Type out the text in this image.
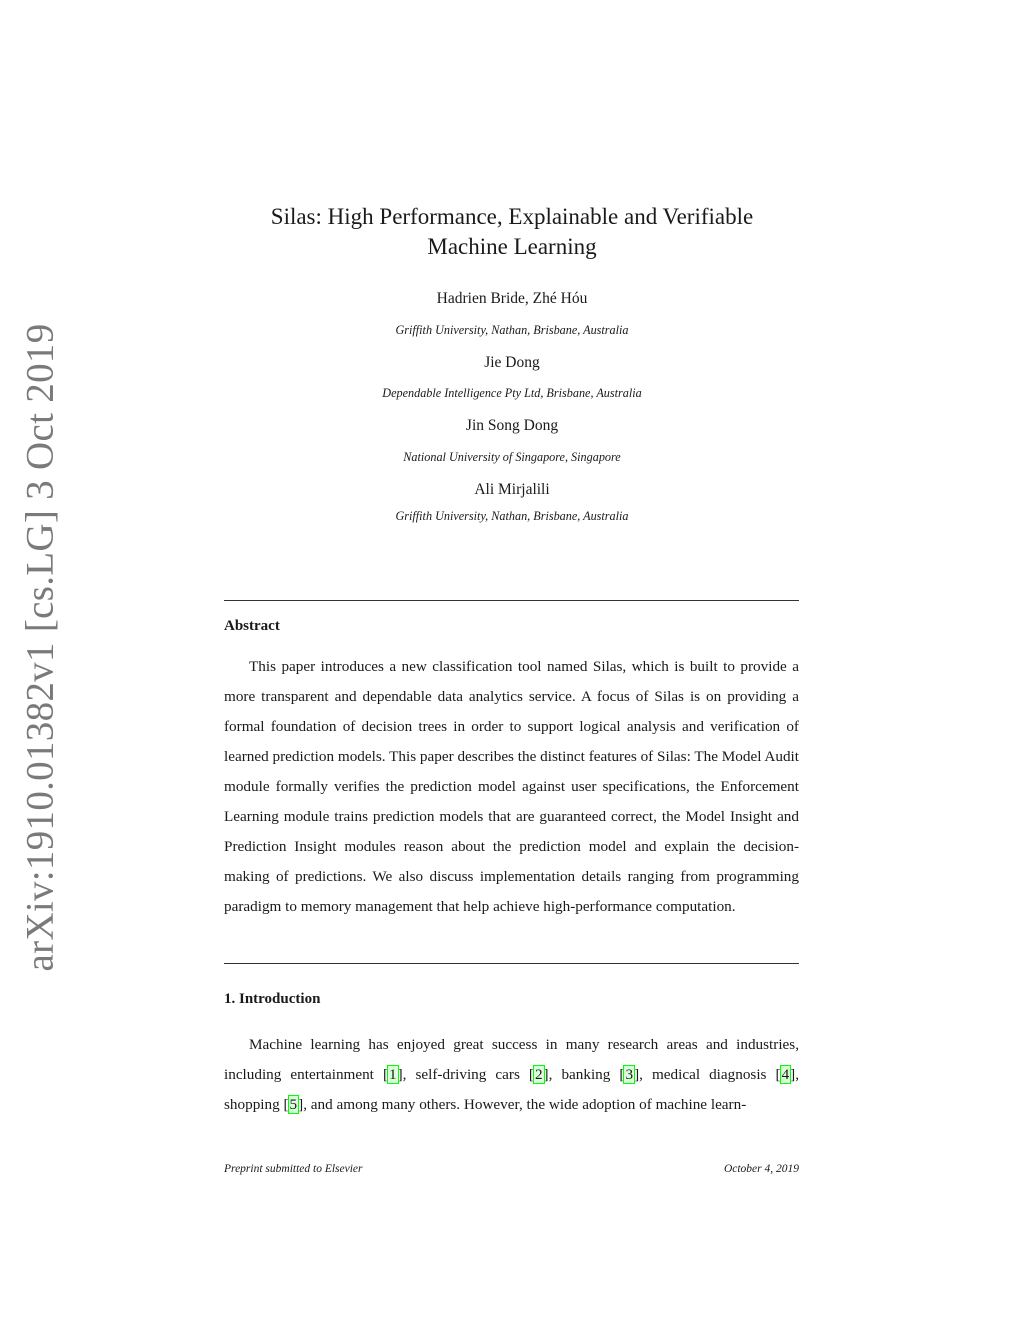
arXiv:1910.01382v1 [cs.LG] 3 Oct 2019
Silas: High Performance, Explainable and Verifiable
Machine Learning
Hadrien Bride, Zhé Hóu
Griffith University, Nathan, Brisbane, Australia
Jie Dong
Dependable Intelligence Pty Ltd, Brisbane, Australia
Jin Song Dong
National University of Singapore, Singapore
Ali Mirjalili
Griffith University, Nathan, Brisbane, Australia
Abstract

This paper introduces a new classification tool named Silas, which is built to provide a more transparent and dependable data analytics service. A focus of Silas is on providing a formal foundation of decision trees in order to support logical analysis and verification of learned prediction models. This paper describes the distinct features of Silas: The Model Audit module formally verifies the prediction model against user specifications, the Enforcement Learning module trains prediction models that are guaranteed correct, the Model Insight and Prediction Insight modules reason about the prediction model and explain the decision-making of predictions. We also discuss implementation details ranging from programming paradigm to memory management that help achieve high-performance computation.

1. Introduction

Machine learning has enjoyed great success in many research areas and industries, including entertainment [1], self-driving cars [2], banking [3], medical diagnosis [4], shopping [5], and among many others. However, the wide adoption of machine learn-

Preprint submitted to Elsevier	October 4, 2019
